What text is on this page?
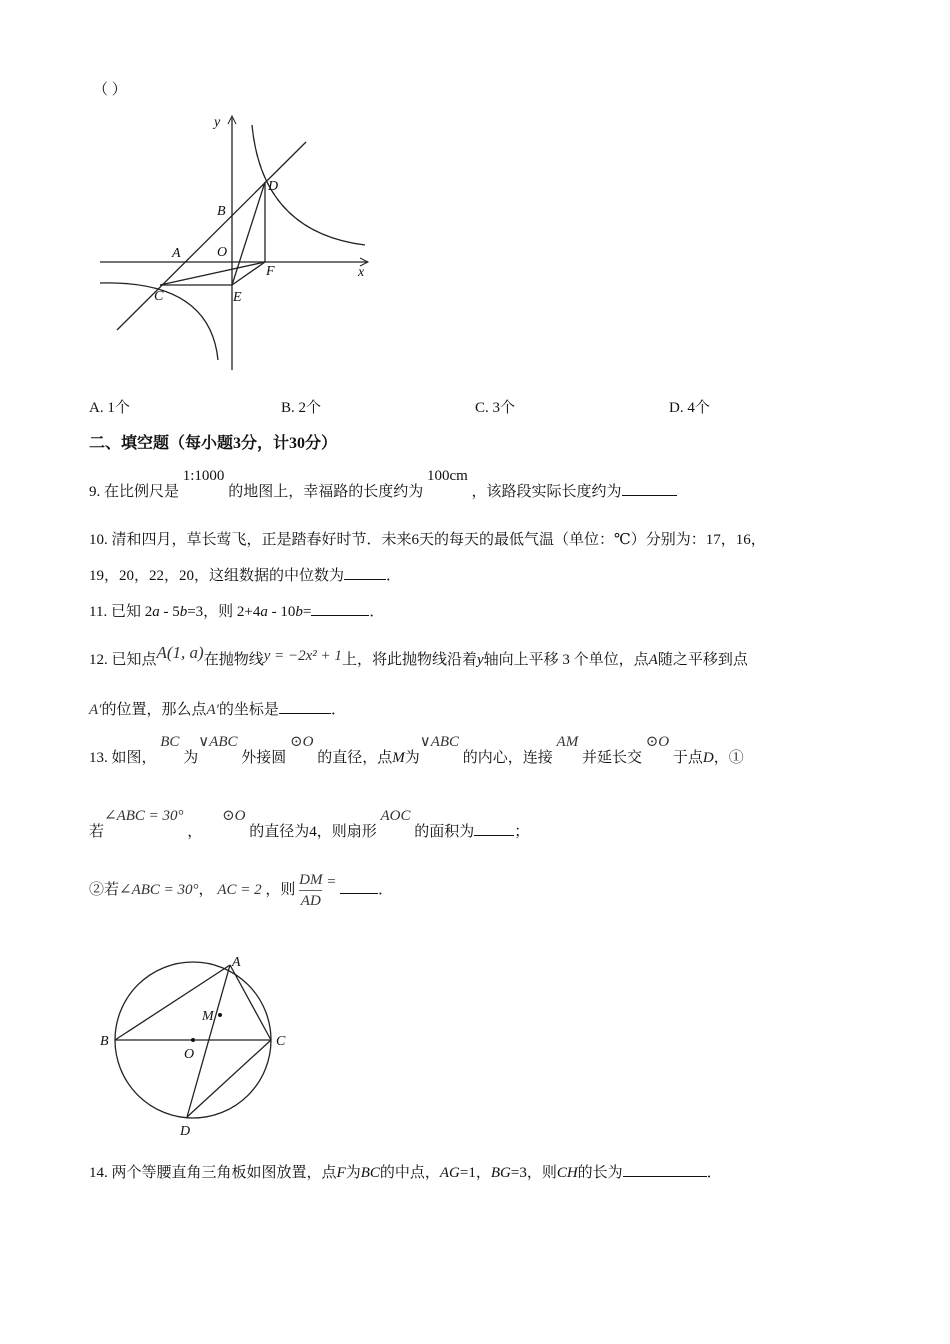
（ ）
y
x
D
B
A	O
F
C	E
A. 1个	B. 2个	C. 3个	D. 4个
二、填空题（每小题3分，计30分）
9. 在比例尺是 1:1000 的地图上，幸福路的长度约为 100cm ，该路段实际长度约为
10. 清和四月，草长莺飞，正是踏春好时节．未来6天的每天的最低气温（单位：℃）分别为：17，16，
19，20，22，20，这组数据的中位数为	．
11. 已知 2a - 5b=3，则 2+4a - 10b=	．
12. 已知点A(1, a)在抛物线y = −2x² + 1上，将此抛物线沿着y轴向上平移 3 个单位，点A随之平移到点
A′的位置，那么点A′的坐标是	．
13. 如图， BC 为∨ABC 外接圆 ⊙O 的直径，点M为∨ABC 的内心，连接 AM 并延长交 ⊙O 于点D，①
若∠ABC = 30° ， ⊙O 的直径为4，则扇形 AOC 的面积为	；
②若∠ABC = 30°， AC = 2 ，则 $\frac{DM}{AD}$ =	．
A
B	C
D
M
O
14. 两个等腰直角三角板如图放置，点F为BC的中点，AG=1，BG=3，则CH的长为	．
